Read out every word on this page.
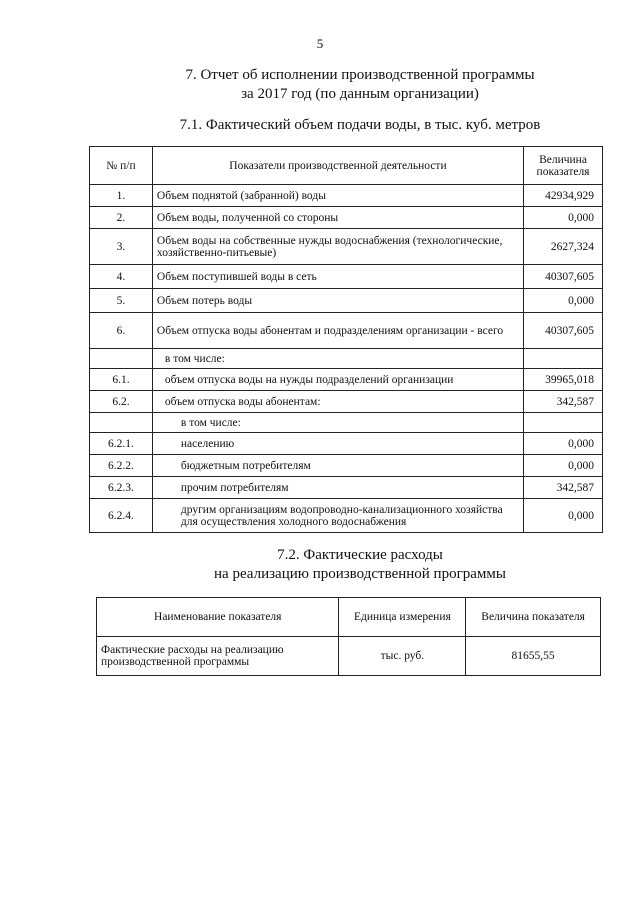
5
7. Отчет об исполнении производственной программы
за 2017 год (по данным организации)
7.1. Фактический объем подачи воды, в тыс. куб. метров
№ п/п	Показатели производственной деятельности	Величина показателя
1.	Объем поднятой (забранной) воды	42934,929
2.	Объем воды, полученной со стороны	0,000
3.	Объем воды на собственные нужды водоснабжения (технологические, хозяйственно-питьевые)	2627,324
4.	Объем поступившей воды в сеть	40307,605
5.	Объем потерь воды	0,000
6.	Объем отпуска воды абонентам и подразделениям организации - всего	40307,605
	в том числе:	
6.1.	объем отпуска воды на нужды подразделений организации	39965,018
6.2.	объем отпуска воды абонентам:	342,587
	в том числе:	
6.2.1.	населению	0,000
6.2.2.	бюджетным потребителям	0,000
6.2.3.	прочим потребителям	342,587
6.2.4.	другим организациям водопроводно-канализационного хозяйства для осуществления холодного водоснабжения	0,000
7.2. Фактические расходы
на реализацию производственной программы
Наименование показателя	Единица измерения	Величина показателя
Фактические расходы на реализацию производственной программы	тыс. руб.	81655,55
